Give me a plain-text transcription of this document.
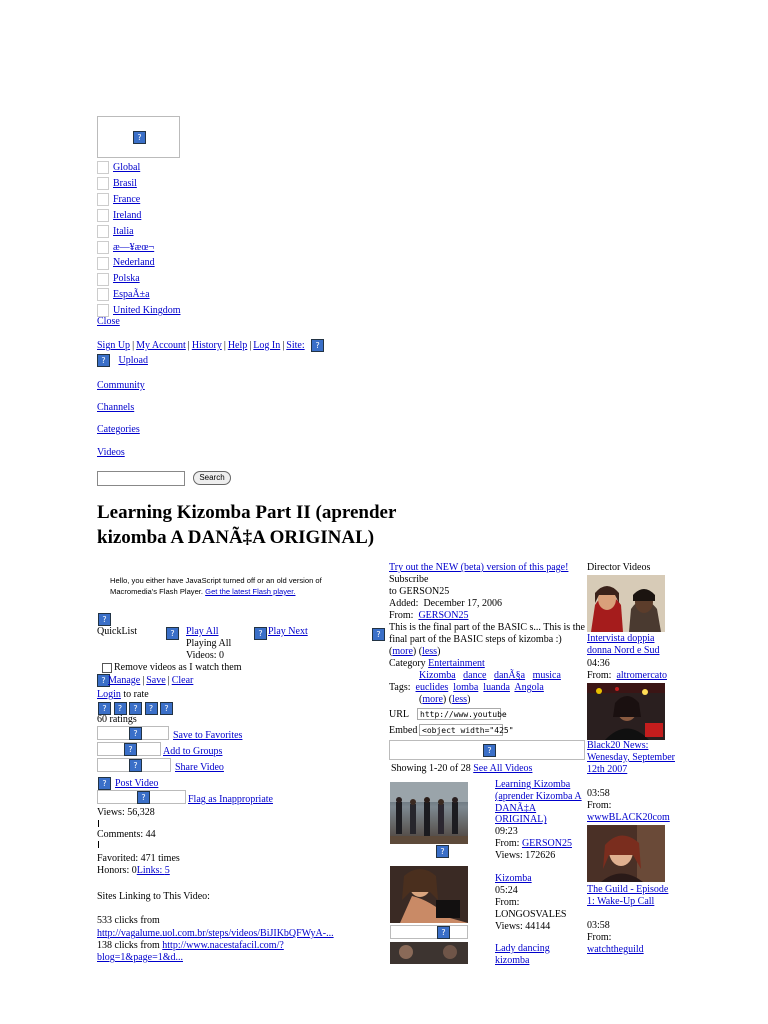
?
Global
Brasil
France
Ireland
Italia
æ—¥æœ¬
Nederland
Polska
EspaÃ±a
United Kingdom
Close
Sign Up | My Account | History | Help | Log In | Site: ?
? Upload
Community
Channels
Categories
Videos
Search
Learning Kizomba Part II (aprender
kizomba A DANÃ‡A ORIGINAL)
Hello, you either have JavaScript turned off or an old version of Macromedia's Flash Player. Get the latest Flash player.
?
QuickList ?	Play All ?	Play Next
Playing All
Videos: 0
Remove videos as I watch them
?Manage | Save | Clear
Login to rate
? ? ? ? ?
60 ratings
?
Save to Favorites
?
Add to Groups
?
Share Video
?Post Video
?
Flag as Inappropriate
Views: 56,328
Comments: 44
Favorited: 471 times
Honors: 0Links: 5
Sites Linking to This Video:
533 clicks from
http://vagalume.uol.com.br/steps/videos/BiJIKbQFWyA-...
138 clicks from http://www.nacestafacil.com/?
blog=1&page=1&d...
?
Try out the NEW (beta) version of this page!
Subscribe
to GERSON25
Added: December 17, 2006
From: GERSON25
This is the final part of the BASIC s... This is the final part of the BASIC steps of kizomba :) (more) (less)
Category Entertainment
Kizomba dance danÃ§a musica
Tags: euclides lomba luanda Angola
(more) (less)
URL http://www.youtube
Embed <object width="425"
?
Showing 1-20 of 28 See All Videos
?
Learning Kizomba (aprender Kizomba A DANÃ‡A ORIGINAL)
09:23
From: GERSON25
Views: 172626
?
Kizomba
05:24
From:
LONGOSVALES
Views: 44144
Lady dancing kizomba
Director Videos
Intervista doppia donna Nord e Sud
04:36
From: altromercato
Black20 News: Wenesday, September 12th 2007
03:58
From:
wwwBLACK20com
The Guild - Episode 1: Wake-Up Call
03:58
From:
watchtheguild
